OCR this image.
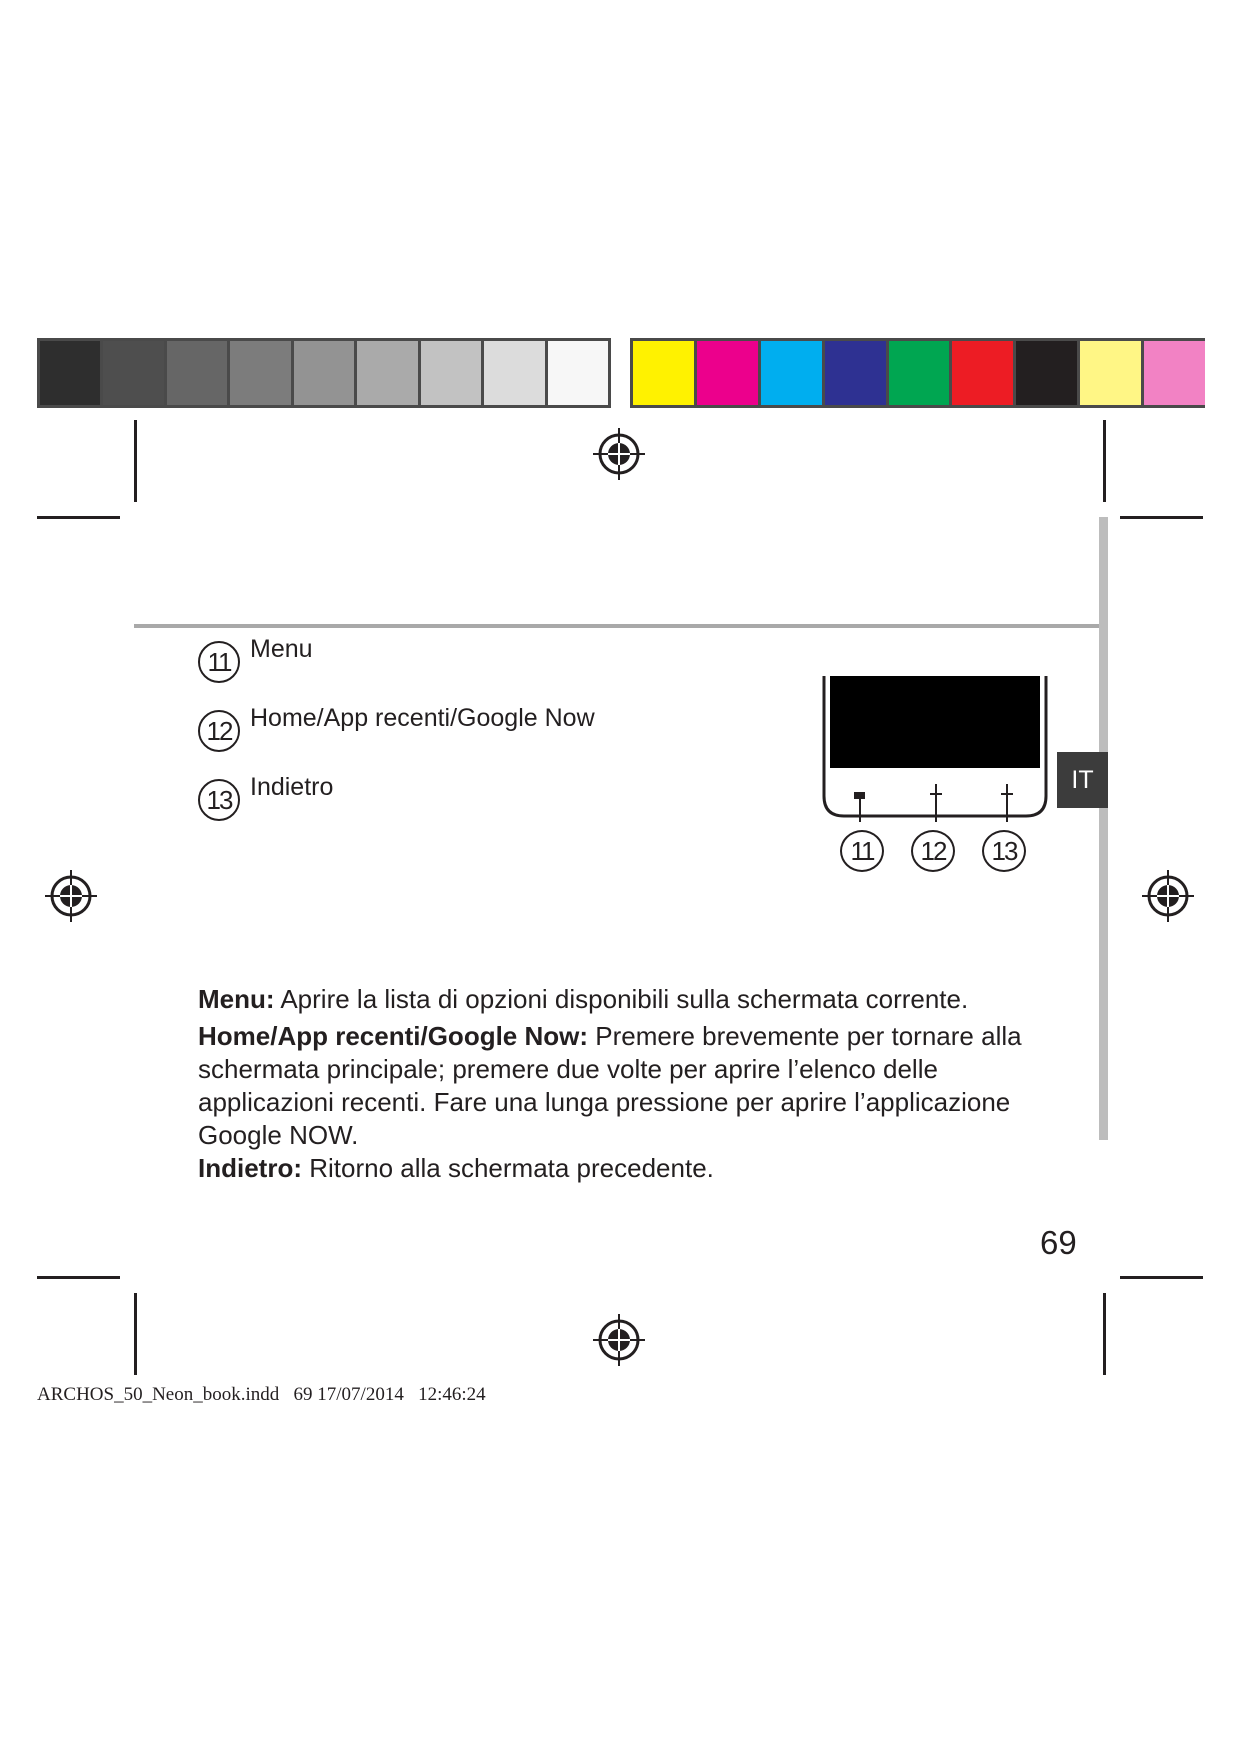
IT
11 Menu
12 Home/App recenti/Google Now
13 Indietro
11	12	13

Menu: Aprire la lista di opzioni disponibili sulla schermata corrente.

Home/App recenti/Google Now: Premere brevemente per tornare alla schermata principale; premere due volte per aprire l’elenco delle applicazioni recenti. Fare una lunga pressione per aprire l’applicazione Google NOW.

Indietro: Ritorno alla schermata precedente.

69
ARCHOS_50_Neon_book.indd   69 17/07/2014   12:46:24
